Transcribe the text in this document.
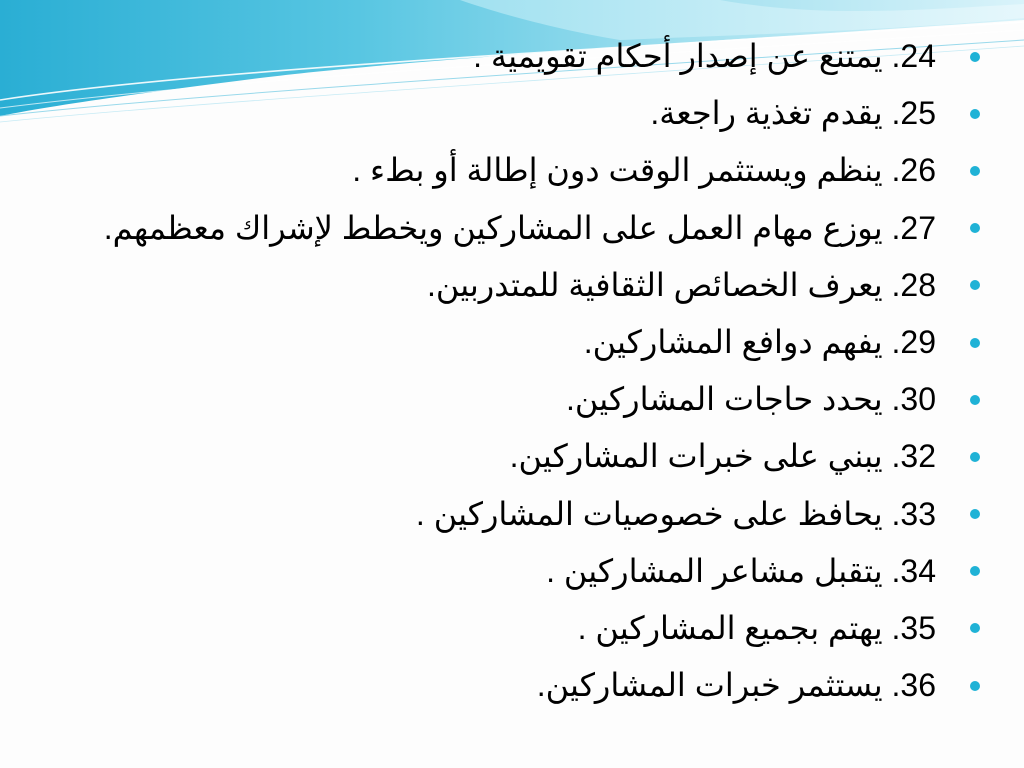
24. يمتنع عن إصدار أحكام تقويمية .
25. يقدم تغذية راجعة.
26. ينظم ويستثمر الوقت دون إطالة أو بطء .
27. يوزع مهام العمل على المشاركين ويخطط لإشراك معظمهم.
28. يعرف الخصائص الثقافية للمتدربين.
29. يفهم دوافع المشاركين.
30. يحدد حاجات المشاركين.
32. يبني على خبرات المشاركين.
33. يحافظ على خصوصيات المشاركين .
34. يتقبل مشاعر المشاركين .
35. يهتم بجميع المشاركين .
36. يستثمر خبرات المشاركين.
